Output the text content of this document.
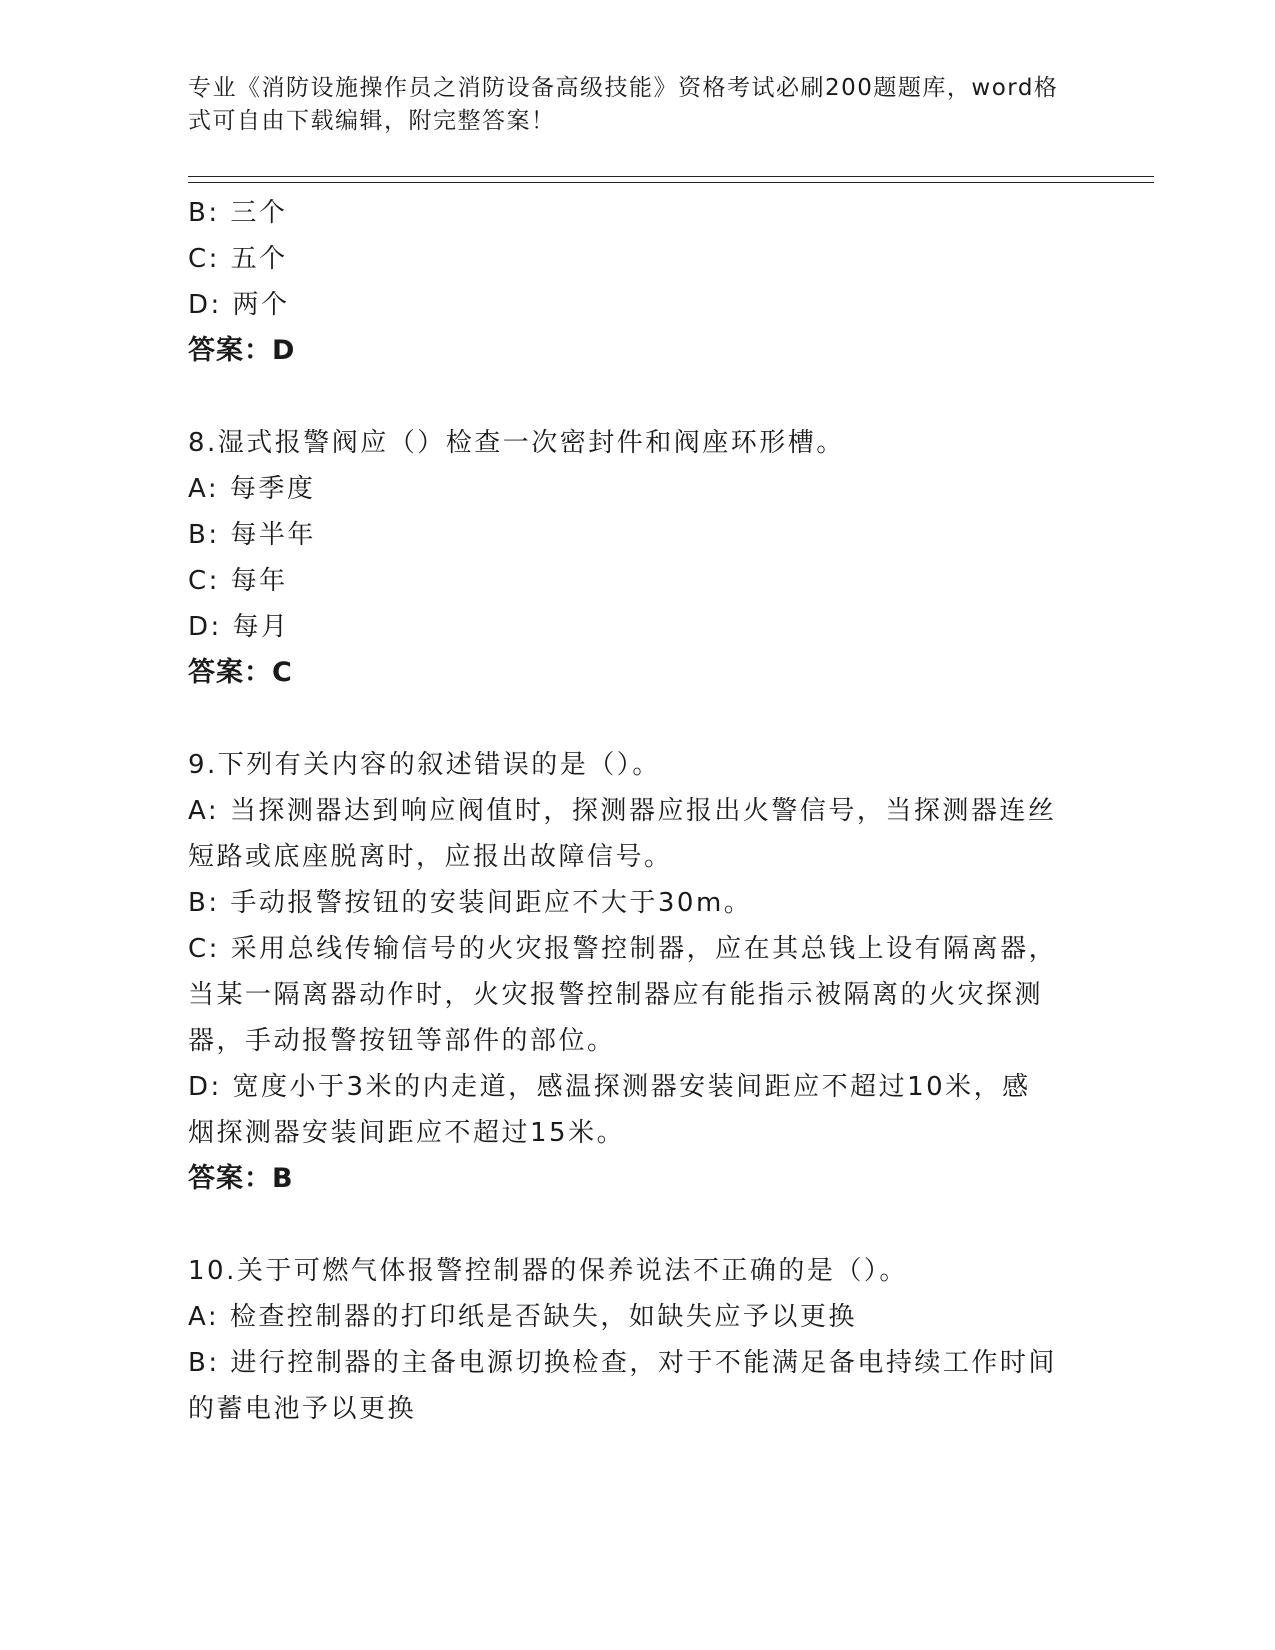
专业《消防设施操作员之消防设备高级技能》资格考试必刷200题题库，word格
式可自由下载编辑，附完整答案！
B: 三个
C: 五个
D: 两个
答案：D
8.湿式报警阀应（）检查一次密封件和阀座环形槽。
A: 每季度
B: 每半年
C: 每年
D: 每月
答案：C
9.下列有关内容的叙述错误的是（）。
A: 当探测器达到响应阀值时，探测器应报出火警信号，当探测器连丝
短路或底座脱离时，应报出故障信号。
B: 手动报警按钮的安装间距应不大于30m。
C: 采用总线传输信号的火灾报警控制器，应在其总钱上设有隔离器，
当某一隔离器动作时，火灾报警控制器应有能指示被隔离的火灾探测
器，手动报警按钮等部件的部位。
D: 宽度小于3米的内走道，感温探测器安装间距应不超过10米，感
烟探测器安装间距应不超过15米。
答案：B
10.关于可燃气体报警控制器的保养说法不正确的是（）。
A: 检查控制器的打印纸是否缺失，如缺失应予以更换
B: 进行控制器的主备电源切换检查，对于不能满足备电持续工作时间
的蓄电池予以更换
